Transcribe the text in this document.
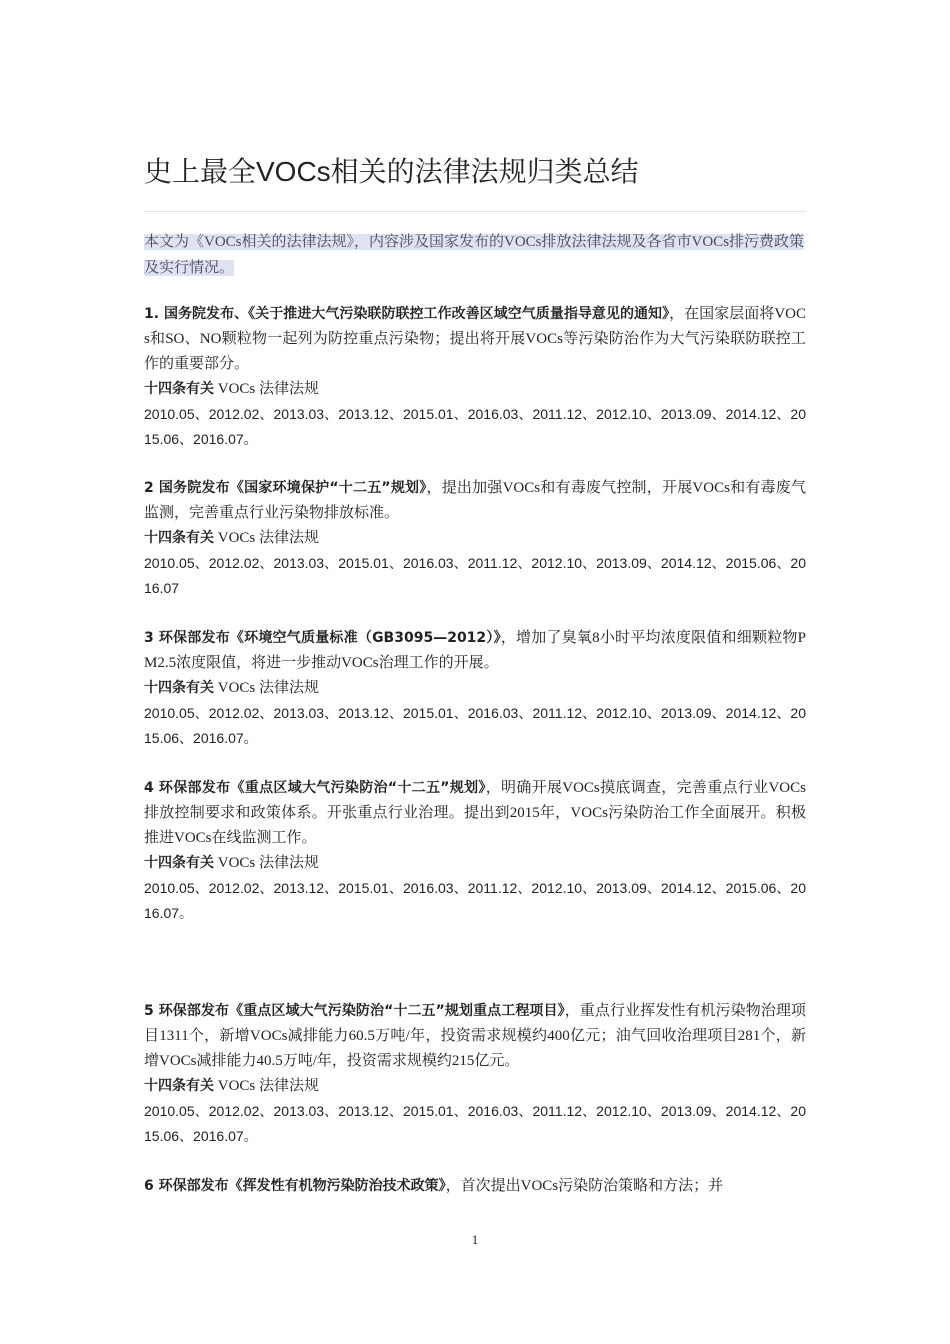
史上最全VOCs相关的法律法规归类总结

本文为《VOCs相关的法律法规》，内容涉及国家发布的VOCs排放法律法规及各省市VOCs排污费政策及实行情况。

1. 国务院发布、《关于推进大气污染联防联控工作改善区域空气质量指导意见的通知》，在国家层面将VOCs和SO、NO颗粒物一起列为防控重点污染物；提出将开展VOCs等污染防治作为大气污染联防联控工作的重要部分。

十四条有关 VOCs 法律法规

2010.05、2012.02、2013.03、2013.12、2015.01、2016.03、2011.12、2012.10、2013.09、2014.12、2015.06、2016.07。

2 国务院发布《国家环境保护“十二五”规划》，提出加强VOCs和有毒废气控制，开展VOCs和有毒废气监测，完善重点行业污染物排放标准。

十四条有关 VOCs 法律法规

2010.05、2012.02、2013.03、2015.01、2016.03、2011.12、2012.10、2013.09、2014.12、2015.06、2016.07

3 环保部发布《环境空气质量标准（GB3095—2012）》，增加了臭氧8小时平均浓度限值和细颗粒物PM2.5浓度限值，将进一步推动VOCs治理工作的开展。

十四条有关 VOCs 法律法规

2010.05、2012.02、2013.03、2013.12、2015.01、2016.03、2011.12、2012.10、2013.09、2014.12、2015.06、2016.07。

4 环保部发布《重点区域大气污染防治“十二五”规划》，明确开展VOCs摸底调查，完善重点行业VOCs排放控制要求和政策体系。开张重点行业治理。提出到2015年，VOCs污染防治工作全面展开。积极推进VOCs在线监测工作。

十四条有关 VOCs 法律法规

2010.05、2012.02、2013.12、2015.01、2016.03、2011.12、2012.10、2013.09、2014.12、2015.06、2016.07。

5 环保部发布《重点区域大气污染防治“十二五”规划重点工程项目》，重点行业挥发性有机污染物治理项目1311个，新增VOCs减排能力60.5万吨/年，投资需求规模约400亿元；油气回收治理项目281个，新增VOCs减排能力40.5万吨/年，投资需求规模约215亿元。

十四条有关 VOCs 法律法规

2010.05、2012.02、2013.03、2013.12、2015.01、2016.03、2011.12、2012.10、2013.09、2014.12、2015.06、2016.07。

6 环保部发布《挥发性有机物污染防治技术政策》，首次提出VOCs污染防治策略和方法；并

1
